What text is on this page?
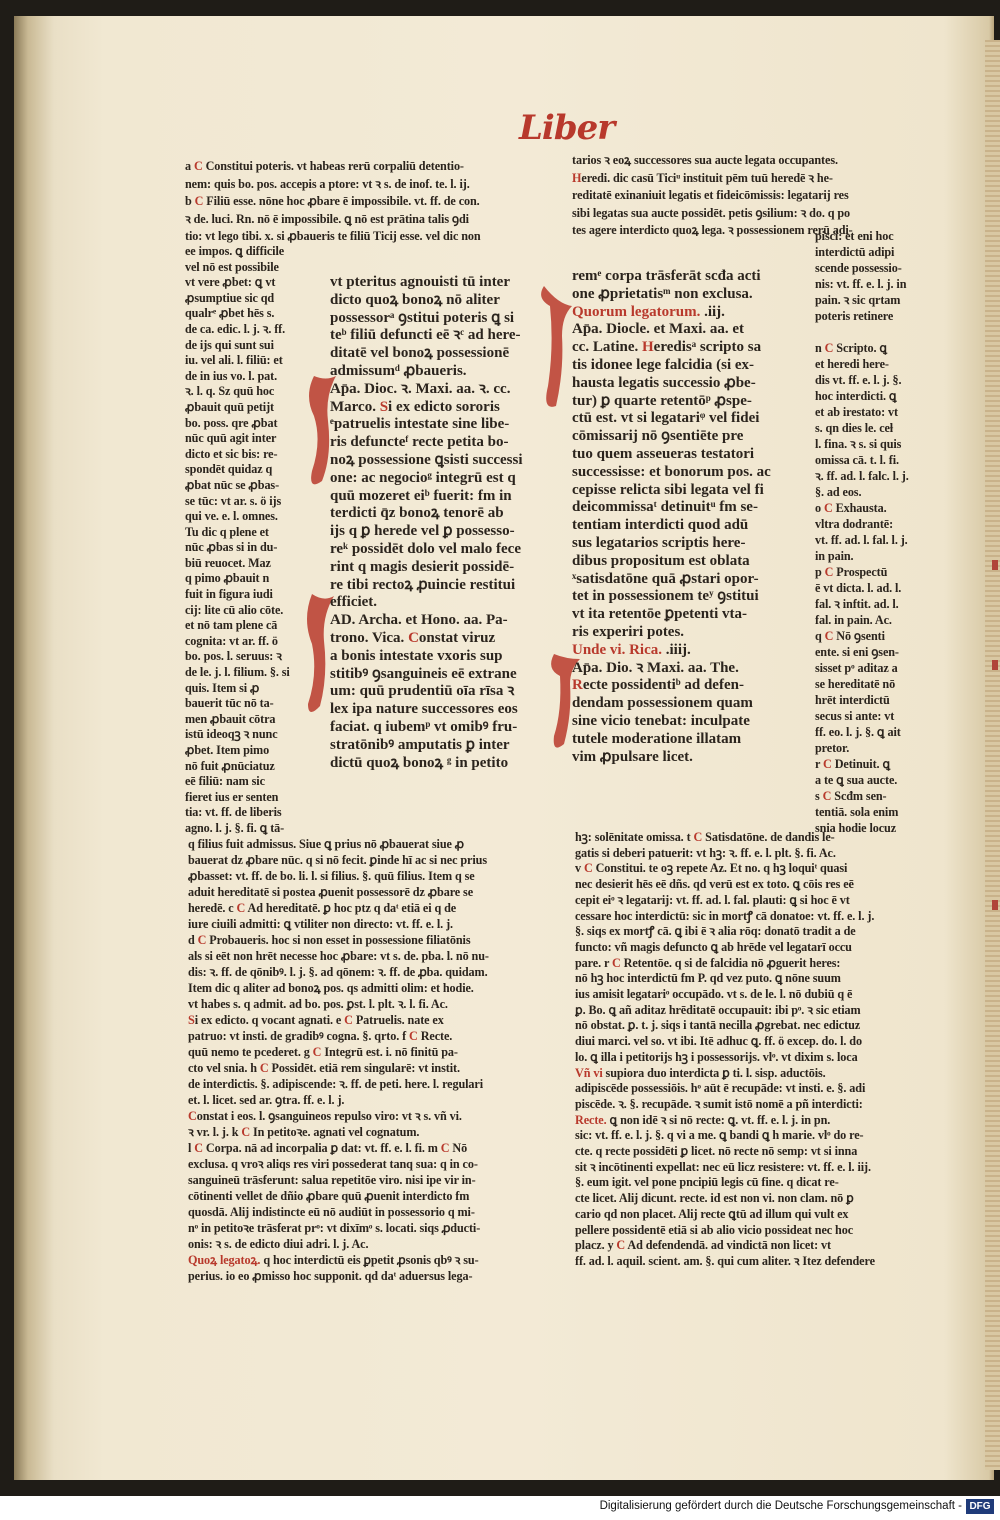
Liber
a C Constitui poteris. vt habeas rerū corpaliū detentio-
nem: quis bo. pos. accepis a ptore: vt ꝛ s. de inof. te. l. ij.
b C Filiū esse. nōne hoc ꝓbare ē impossibile. vt. ff. de con.
ꝛ de. luci. Rn. nō ē impossibile. ꝗ nō est prātina talis ꝯdi
tio: vt lego tibi. x. si ꝓbaueris te filiū Ticij esse. vel dic non
tarios ꝛ eoꝝ successores sua aucte legata occupantes.
Heredi. dic casū Ticiᵘ instituit pēm tuū heredē ꝛ he-
reditatē exinaniuit legatis et fideicōmissis: legatarij res
sibi legatas sua aucte possidēt. petis ꝯsilium: ꝛ do. q po
tes agere interdicto quoꝝ lega. ꝛ possessionem rerū adi-
ee impos. ꝗ difficile
vel nō est possibile
vt vere ꝓbet: ꝗ vt
ꝓsumptiue sic qd
qualrᵉ ꝓbet hēs s.
de ca. edic. l. j. ꝛ. ff.
de ijs qui sunt sui
iu. vel ali. l. filiū: et
de in ius vo. l. pat.
ꝛ. l. q. Sz quū hoc
ꝓbauit quū petijt
bo. poss. qre ꝓbat
nūc quū agit inter
dicto et sic bis: re-
spondēt quidaz q
ꝓbat nūc se ꝓbas-
se tūc: vt ar. s. ö ijs
qui ve. e. l. omnes.
Tu dic q plene et
nūc ꝓbas si in du-
biū reuocet. Maz
q pimo ꝓbauit n
fuit in figura iudi
cij: lite cū alio cōte.
et nō tam plene cā
cognita: vt ar. ff. ö
bo. pos. l. seruus: ꝛ
de le. j. l. filium. §. si
quis. Item si ꝓ
bauerit tūc nō ta-
men ꝓbauit cōtra
istū ideoqꝫ ꝛ nunc
ꝓbet. Item pimo
nō fuit ꝓnūciatuz
eē filiū: nam sic
fieret ius er senten
tia: vt. ff. de liberis
agno. l. j. §. fi. ꝗ tā-
pisci: et eni hoc
interdictū adipi
scende possessio-
nis: vt. ff. e. l. j. in
pain. ꝛ sic qrtam
poteris retinere

n C Scripto. ꝗ
et heredi here-
dis vt. ff. e. l. j. §.
hoc interdicti. ꝗ
et ab irestato: vt
s. qn dies le. ceƚ
l. fina. ꝛ s. si quis
omissa cā. t. l. fi.
ꝛ. ff. ad. l. falc. l. j.
§. ad eos.
o C Exhausta.
vltra dodrantē:
vt. ff. ad. l. fal. l. j.
in pain.
p C Prospectū
ē vt dicta. l. ad. l.
fal. ꝛ inftit. ad. l.
fal. in pain. Ac.
q C Nō ꝯsenti
ente. si eni ꝯsen-
sisset pᵒ aditaz a
se hereditatē nō
hrēt interdictū
secus si ante: vt
ff. eo. l. j. §. ꝗ ait
pretor.
r C Detinuit. ꝗ
a te ꝗ sua aucte.
s C Scđm sen-
tentiā. sola enim
snia hodie locuz
vt pteritus agnouisti tū inter
dicto quoꝝ bonoꝝ nō aliter
possessorᵃ ꝯstitui poteris ꝗ si
teᵇ filiū defuncti eē ꝛᶜ ad here-
ditatē vel bonoꝝ possessionē
admissumᵈ ꝓbaueris.
Ap̄a. Dioc. ꝛ. Maxi. aa. ꝛ. cc.
Marco. Si ex edicto sororis
ᵉpatruelis intestate sine libe-
ris defuncteᶠ recte petita bo-
noꝝ possessione ꝗsisti successi
one: ac negocioᵍ integrū est q
quū mozeret eiᵇ fuerit: fm in
terdicti q̄z bonoꝝ tenorē ab
ijs q ꝑ herede vel ꝑ possesso-
reᵏ possidēt dolo vel malo fece
rint q magis desierit possidē-
re tibi rectoꝝ ꝓuincie restitui
efficiet.
AD. Archa. et Hono. aa. Pa-
trono. Vica. Constat viruz
a bonis intestate vxoris sup
stitibꝰ ꝯsanguineis eē extrane
um: quū prudentiū oīa rīsa ꝛ
lex ipa nature successores eos
faciat. q iubemᵖ vt omibꝰ fru-
stratōnibꝰ amputatis ꝑ inter
dictū quoꝝ bonoꝝ ᵍ in petito
remᵉ corpa trāsferāt scđa acti
one ꝓprietatisᵐ non exclusa.
Quorum legatorum. .iij.
Ap̄a. Diocle. et Maxi. aa. et
cc. Latine. Heredisᵃ scripto sa
tis idonee lege falcidia (si ex-
hausta legatis successio ꝓbe-
tur) ꝑ quarte retentōᵖ ꝓspe-
ctū est. vt si legatariᵠ vel fidei
cōmissarij nō ꝯsentiēte pre
tuo quem asseueras testatori
successisse: et bonorum pos. ac
cepisse relicta sibi legata vel fi
deicommissaᵗ detinuitᵘ fm se-
tentiam interdicti quod adū
sus legatarios scriptis here-
dibus propositum est oblata
ˣsatisdatōne quā ꝓstari opor-
tet in possessionem teʸ ꝯstitui
vt ita retentōe ꝑpetenti vta-
ris experiri potes.
Unde vi. Rica. .iiij.
Ap̄a. Dio. ꝛ Maxi. aa. The.
Recte possidentiᵇ ad defen-
dendam possessionem quam
sine vicio tenebat: inculpate
tutele moderatione illatam
vim ꝓpulsare licet.
q filius fuit admissus. Siue ꝗ prius nō ꝓbauerat siue ꝓ
bauerat dz ꝓbare nūc. q si nō fecit. ꝑinde hī ac si nec prius
ꝓbasset: vt. ff. de bo. li. l. si filius. §. quū filius. Item q se
aduit hereditatē si postea ꝓuenit possessorē dz ꝓbare se
heredē. c C Ad hereditatē. ꝑ hoc ptz q daᵗ etiā ei q de
iure ciuili admitti: ꝗ vtiliter non directo: vt. ff. e. l. j.
d C Probaueris. hoc si non esset in possessione filiatōnis
als si eēt non hrēt necesse hoc ꝓbare: vt s. de. pba. l. nō nu-
dis: ꝛ. ff. de qōnibꝰ. l. j. §. ad qōnem: ꝛ. ff. de ꝓba. quidam.
Item dic q aliter ad bonoꝝ pos. qs admitti olim: et hodie.
vt habes s. q admit. ad bo. pos. ꝑst. l. plt. ꝛ. l. fi. Ac.
Si ex edicto. q vocant agnati. e C Patruelis. nate ex
patruo: vt insti. de gradibꝰ cogna. §. qrto. f C Recte.
quū nemo te pcederet. g C Integrū est. i. nō finitū pa-
cto vel snia. h C Possidēt. etiā rem singularē: vt instit.
de interdictis. §. adipiscende: ꝛ. ff. de peti. here. l. regulari
et. l. licet. sed ar. ꝯtra. ff. e. l. j.
Constat i eos. l. ꝯsanguineos repulso viro: vt ꝛ s. vñ vi.
ꝛ vr. l. j. k C In petitoꝛe. agnati vel cognatum.
l C Corpa. nā ad incorpalia ꝑ dat: vt. ff. e. l. fi. m C Nō
exclusa. q vroꝛ aliqs res viri possederat tanq sua: q in co-
sanguineū trāsferunt: salua repetitōe viro. nisi ipe vir in-
cōtinenti vellet de dñio ꝓbare quū ꝓuenit interdicto fm
quosdā. Alij indistincte eū nō audiūt in possessorio q mi-
nᵒ in petitoꝛe trāsferat prᵒ: vt dixīmᵒ s. locati. siqs ꝓducti-
onis: ꝛ s. de edicto diui adri. l. j. Ac.
Quoꝝ legatoꝝ. q hoc interdictū eis ꝑpetit ꝓsonis qbꝰ ꝛ su-
perius. io eo ꝓmisso hoc supponit. qd daᵗ aduersus lega-
hꝫ: solēnitate omissa. t C Satisdatōne. de dandis le-
gatis si deberi patuerit: vt hꝫ: ꝛ. ff. e. l. plt. §. fi. Ac.
v C Constitui. te oꝫ repete Az. Et no. q hꝫ loquiᵗ quasi
nec desierit hēs eē dñs. qd verū est ex toto. ꝗ cōis res eē
cepit eiᵒ ꝛ legatarij: vt. ff. ad. l. fal. plauti: ꝗ si hoc ē vt
cessare hoc interdictū: sic in mortꝭ cā donatoe: vt. ff. e. l. j.
§. siqs ex mortꝭ cā. ꝗ ibi ē ꝛ alia rōq: donatō tradit a de
functo: vñ magis defuncto ꝗ ab hrēde vel legatarī occu
pare. r C Retentōe. q si de falcidia nō ꝓguerit heres:
nō hꝫ hoc interdictū fm P. qd vez puto. ꝗ nōne suum
ius amisit legatariᵒ occupādo. vt s. de le. l. nō dubiū q ē
ꝑ. Bo. ꝗ añ aditaz hrēditatē occupauit: ibi pᵒ. ꝛ sic etiam
nō obstat. ꝑ. t. j. siqs i tantā necilla ꝓgrebat. nec edictuz
diui marci. vel so. vt ibi. Itē adhuc ꝗ. ff. ö excep. do. l. do
lo. ꝗ illa i petitorijs hꝫ i possessorijs. vlᵒ. vt dixim s. loca
Vñ vi supiora duo interdicta ꝑ ti. l. sisp. aductōis.
adipiscēde possessiōis. hᵒ aūt ē recupāde: vt insti. e. §. adi
piscēde. ꝛ. §. recupāde. ꝛ sumit istō nomē a pñ interdicti:
Recte. ꝗ non idē ꝛ si nō recte: ꝗ. vt. ff. e. l. j. in pn.
sic: vt. ff. e. l. j. §. q vi a me. ꝗ bandi ꝗ h marie. vlᵒ do re-
cte. q recte possidēti ꝑ licet. nō recte nō semp: vt si inna
sit ꝛ incōtinenti expellat: nec eū licz resistere: vt. ff. e. l. iij.
§. eum igit. vel pone pncipiū legis cū fine. q dicat re-
cte licet. Alij dicunt. recte. id est non vi. non clam. nō ꝑ
cario qd non placet. Alij recte ꝗtū ad illum qui vult ex
pellere possidentē etiā si ab alio vicio possideat nec hoc
placz. y C Ad defendendā. ad vindictā non licet: vt
ff. ad. l. aquil. scient. am. §. qui cum aliter. ꝛ Itez defendere
Digitalisierung gefördert durch die Deutsche Forschungsgemeinschaft - DFG
